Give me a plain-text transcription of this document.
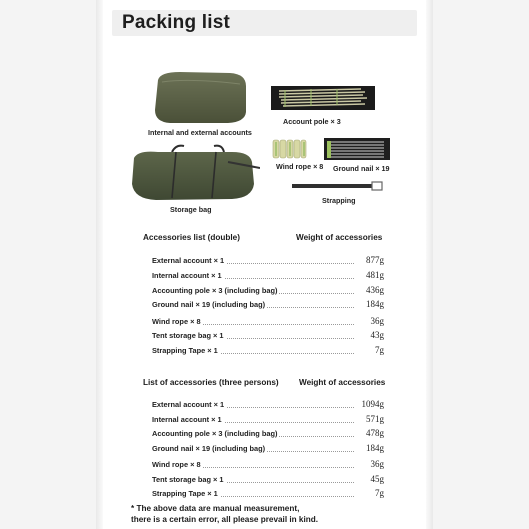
Packing list
Internal and external accounts
Account pole × 3
Wind rope × 8 Ground nail × 19
Storage bag
Strapping
Accessories list (double)	Weight of accessories
External account × 1	877g
Internal account × 1	481g
Accounting pole × 3 (including bag)	436g
Ground nail × 19 (including bag)	184g
Wind rope × 8	36g
Tent storage bag × 1	43g
Strapping Tape × 1	7g
List of accessories (three persons) Weight of accessories
External account × 1	1094g
Internal account × 1	571g
Accounting pole × 3 (including bag)	478g
Ground nail × 19 (including bag)	184g
Wind rope × 8	36g
Tent storage bag × 1	45g
Strapping Tape × 1	7g
* The above data are manual measurement,
there is a certain error, all please prevail in kind.
